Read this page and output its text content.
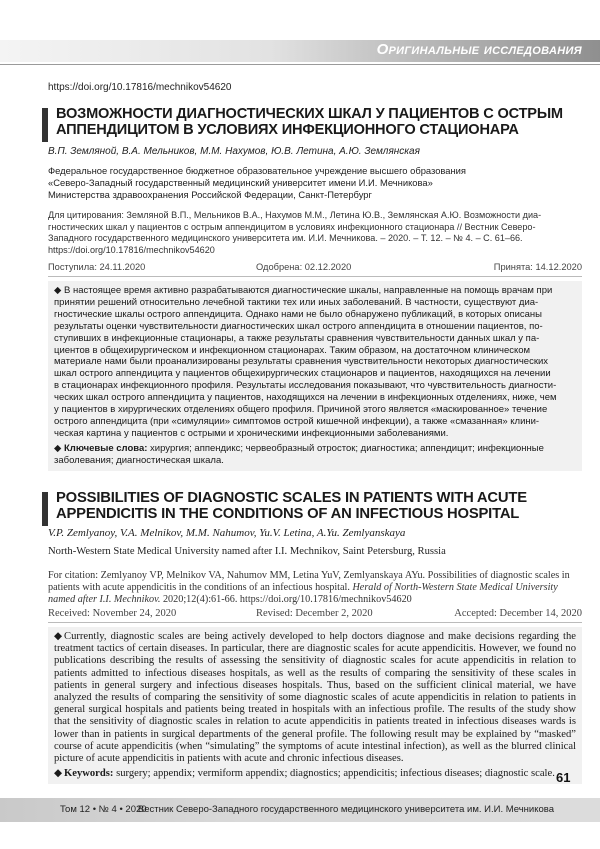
Оригинальные исследования
https://doi.org/10.17816/mechnikov54620
ВОЗМОЖНОСТИ ДИАГНОСТИЧЕСКИХ ШКАЛ У ПАЦИЕНТОВ С ОСТРЫМ АППЕНДИЦИТОМ В УСЛОВИЯХ ИНФЕКЦИОННОГО СТАЦИОНАРА
В.П. Земляной, В.А. Мельников, М.М. Нахумов, Ю.В. Летина, А.Ю. Землянская
Федеральное государственное бюджетное образовательное учреждение высшего образования
«Северо-Западный государственный медицинский университет имени И.И. Мечникова»
Министерства здравоохранения Российской Федерации, Санкт-Петербург
Для цитирования: Земляной В.П., Мельников В.А., Нахумов М.М., Летина Ю.В., Землянская А.Ю. Возможности диа-
гностических шкал у пациентов с острым аппендицитом в условиях инфекционного стационара // Вестник Северо-
Западного государственного медицинского университета им. И.И. Мечникова. – 2020. – Т. 12. – № 4. – С. 61–66.
https://doi.org/10.17816/mechnikov54620
Поступила: 24.11.2020	Одобрена: 02.12.2020	Принята: 14.12.2020
◆ В настоящее время активно разрабатываются диагностические шкалы, направленные на помощь врачам при
принятии решений относительно лечебной тактики тех или иных заболеваний. В частности, существуют диа-
гностические шкалы острого аппендицита. Однако нами не было обнаружено публикаций, в которых описаны
результаты оценки чувствительности диагностических шкал острого аппендицита в отношении пациентов, по-
ступивших в инфекционные стационары, а также результаты сравнения чувствительности данных шкал у па-
циентов в общехирургическом и инфекционном стационарах. Таким образом, на достаточном клиническом
материале нами были проанализированы результаты сравнения чувствительности некоторых диагностических
шкал острого аппендицита у пациентов общехирургических стационаров и пациентов, находящихся на лечении
в стационарах инфекционного профиля. Результаты исследования показывают, что чувствительность диагности-
ческих шкал острого аппендицита у пациентов, находящихся на лечении в инфекционных отделениях, ниже, чем
у пациентов в хирургических отделениях общего профиля. Причиной этого является «маскированное» течение
острого аппендицита (при «симуляции» симптомов острой кишечной инфекции), а также «смазанная» клини-
ческая картина у пациентов с острыми и хроническими инфекционными заболеваниями.
◆ Ключевые слова: хирургия; аппендикс; червеобразный отросток; диагностика; аппендицит; инфекционные
заболевания; диагностическая шкала.
POSSIBILITIES OF DIAGNOSTIC SCALES IN PATIENTS WITH ACUTE APPENDICITIS IN THE CONDITIONS OF AN INFECTIOUS HOSPITAL
V.P. Zemlyanoy, V.A. Melnikov, M.M. Nahumov, Yu.V. Letina, A.Yu. Zemlyanskaya
North-Western State Medical University named after I.I. Mechnikov, Saint Petersburg, Russia
For citation: Zemlyanoy VP, Melnikov VA, Nahumov MM, Letina YuV, Zemlyanskaya AYu. Possibilities of diagnostic scales in patients with acute appendicitis in the conditions of an infectious hospital. Herald of North-Western State Medical University named after I.I. Mechnikov. 2020;12(4):61-66. https://doi.org/10.17816/mechnikov54620
Received: November 24, 2020	Revised: December 2, 2020	Accepted: December 14, 2020
◆ Currently, diagnostic scales are being actively developed to help doctors diagnose and make decisions regarding the treatment tactics of certain diseases. In particular, there are diagnostic scales for acute appendicitis. However, we found no publications describing the results of assessing the sensitivity of diagnostic scales for acute appendicitis in relation to patients admitted to infectious diseases hospitals, as well as the results of comparing the sensitivity of these scales in patients in general surgery and infectious diseases hospitals. Thus, based on the sufficient clinical material, we have analyzed the results of comparing the sensitivity of some diagnostic scales of acute appendicitis in relation to patients in general surgical hospitals and patients being treated in hospitals with an infectious profile. The results of the study show that the sensitivity of diagnostic scales in relation to acute appendicitis in patients treated in infectious diseases wards is lower than in patients in surgical departments of the general profile. The following result may be explained by “masked” course of acute appendicitis (when “simulating” the symptoms of acute intestinal infection), as well as the blurred clinical picture of acute appendicitis in patients with acute and chronic infectious diseases.
◆ Keywords: surgery; appendix; vermiform appendix; diagnostics; appendicitis; infectious diseases; diagnostic scale. 61
Том 12 • № 4 • 2020
Вестник Северо-Западного государственного медицинского университета им. И.И. Мечникова
